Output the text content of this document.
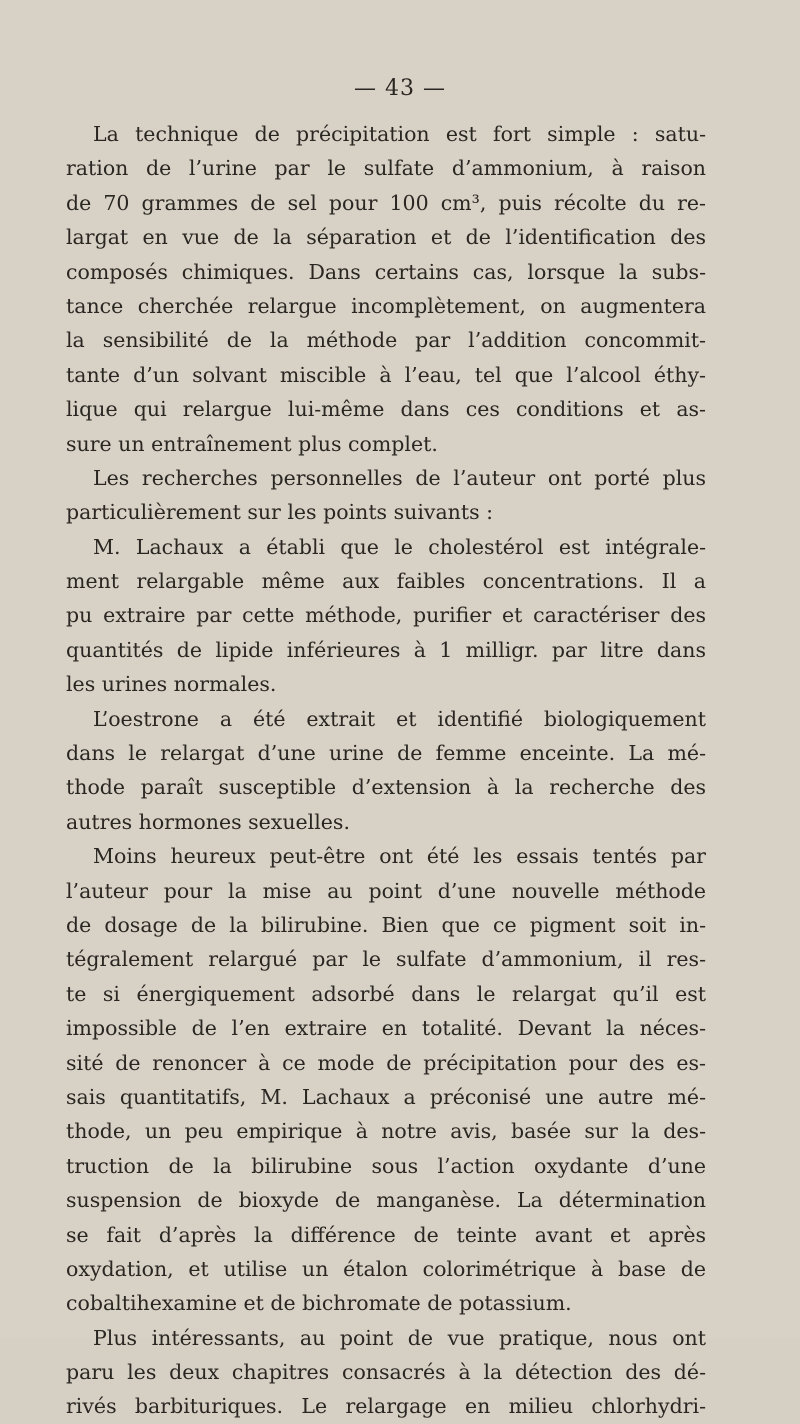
— 43 —
La technique de précipitation est fort simple : satu-
ration de l’urine par le sulfate d’ammonium, à raison
de 70 grammes de sel pour 100 cm³, puis récolte du re-
largat en vue de la séparation et de l’identification des
composés chimiques. Dans certains cas, lorsque la subs-
tance cherchée relargue incomplètement, on augmentera
la sensibilité de la méthode par l’addition concommit-
tante d’un solvant miscible à l’eau, tel que l’alcool éthy-
lique qui relargue lui-même dans ces conditions et as-
sure un entraînement plus complet.
Les recherches personnelles de l’auteur ont porté plus
particulièrement sur les points suivants :
M. Lachaux a établi que le cholestérol est intégrale-
ment relargable même aux faibles concentrations. Il a
pu extraire par cette méthode, purifier et caractériser des
quantités de lipide inférieures à 1 milligr. par litre dans
les urines normales.
L’oestrone a été extrait et identifié biologiquement
dans le relargat d’une urine de femme enceinte. La mé-
thode paraît susceptible d’extension à la recherche des
autres hormones sexuelles.
Moins heureux peut-être ont été les essais tentés par
l’auteur pour la mise au point d’une nouvelle méthode
de dosage de la bilirubine. Bien que ce pigment soit in-
tégralement relargué par le sulfate d’ammonium, il res-
te si énergiquement adsorbé dans le relargat qu’il est
impossible de l’en extraire en totalité. Devant la néces-
sité de renoncer à ce mode de précipitation pour des es-
sais quantitatifs, M. Lachaux a préconisé une autre mé-
thode, un peu empirique à notre avis, basée sur la des-
truction de la bilirubine sous l’action oxydante d’une
suspension de bioxyde de manganèse. La détermination
se fait d’après la différence de teinte avant et après
oxydation, et utilise un étalon colorimétrique à base de
cobaltihexamine et de bichromate de potassium.
Plus intéressants, au point de vue pratique, nous ont
paru les deux chapitres consacrés à la détection des dé-
rivés barbituriques. Le relargage en milieu chlorhydri-
